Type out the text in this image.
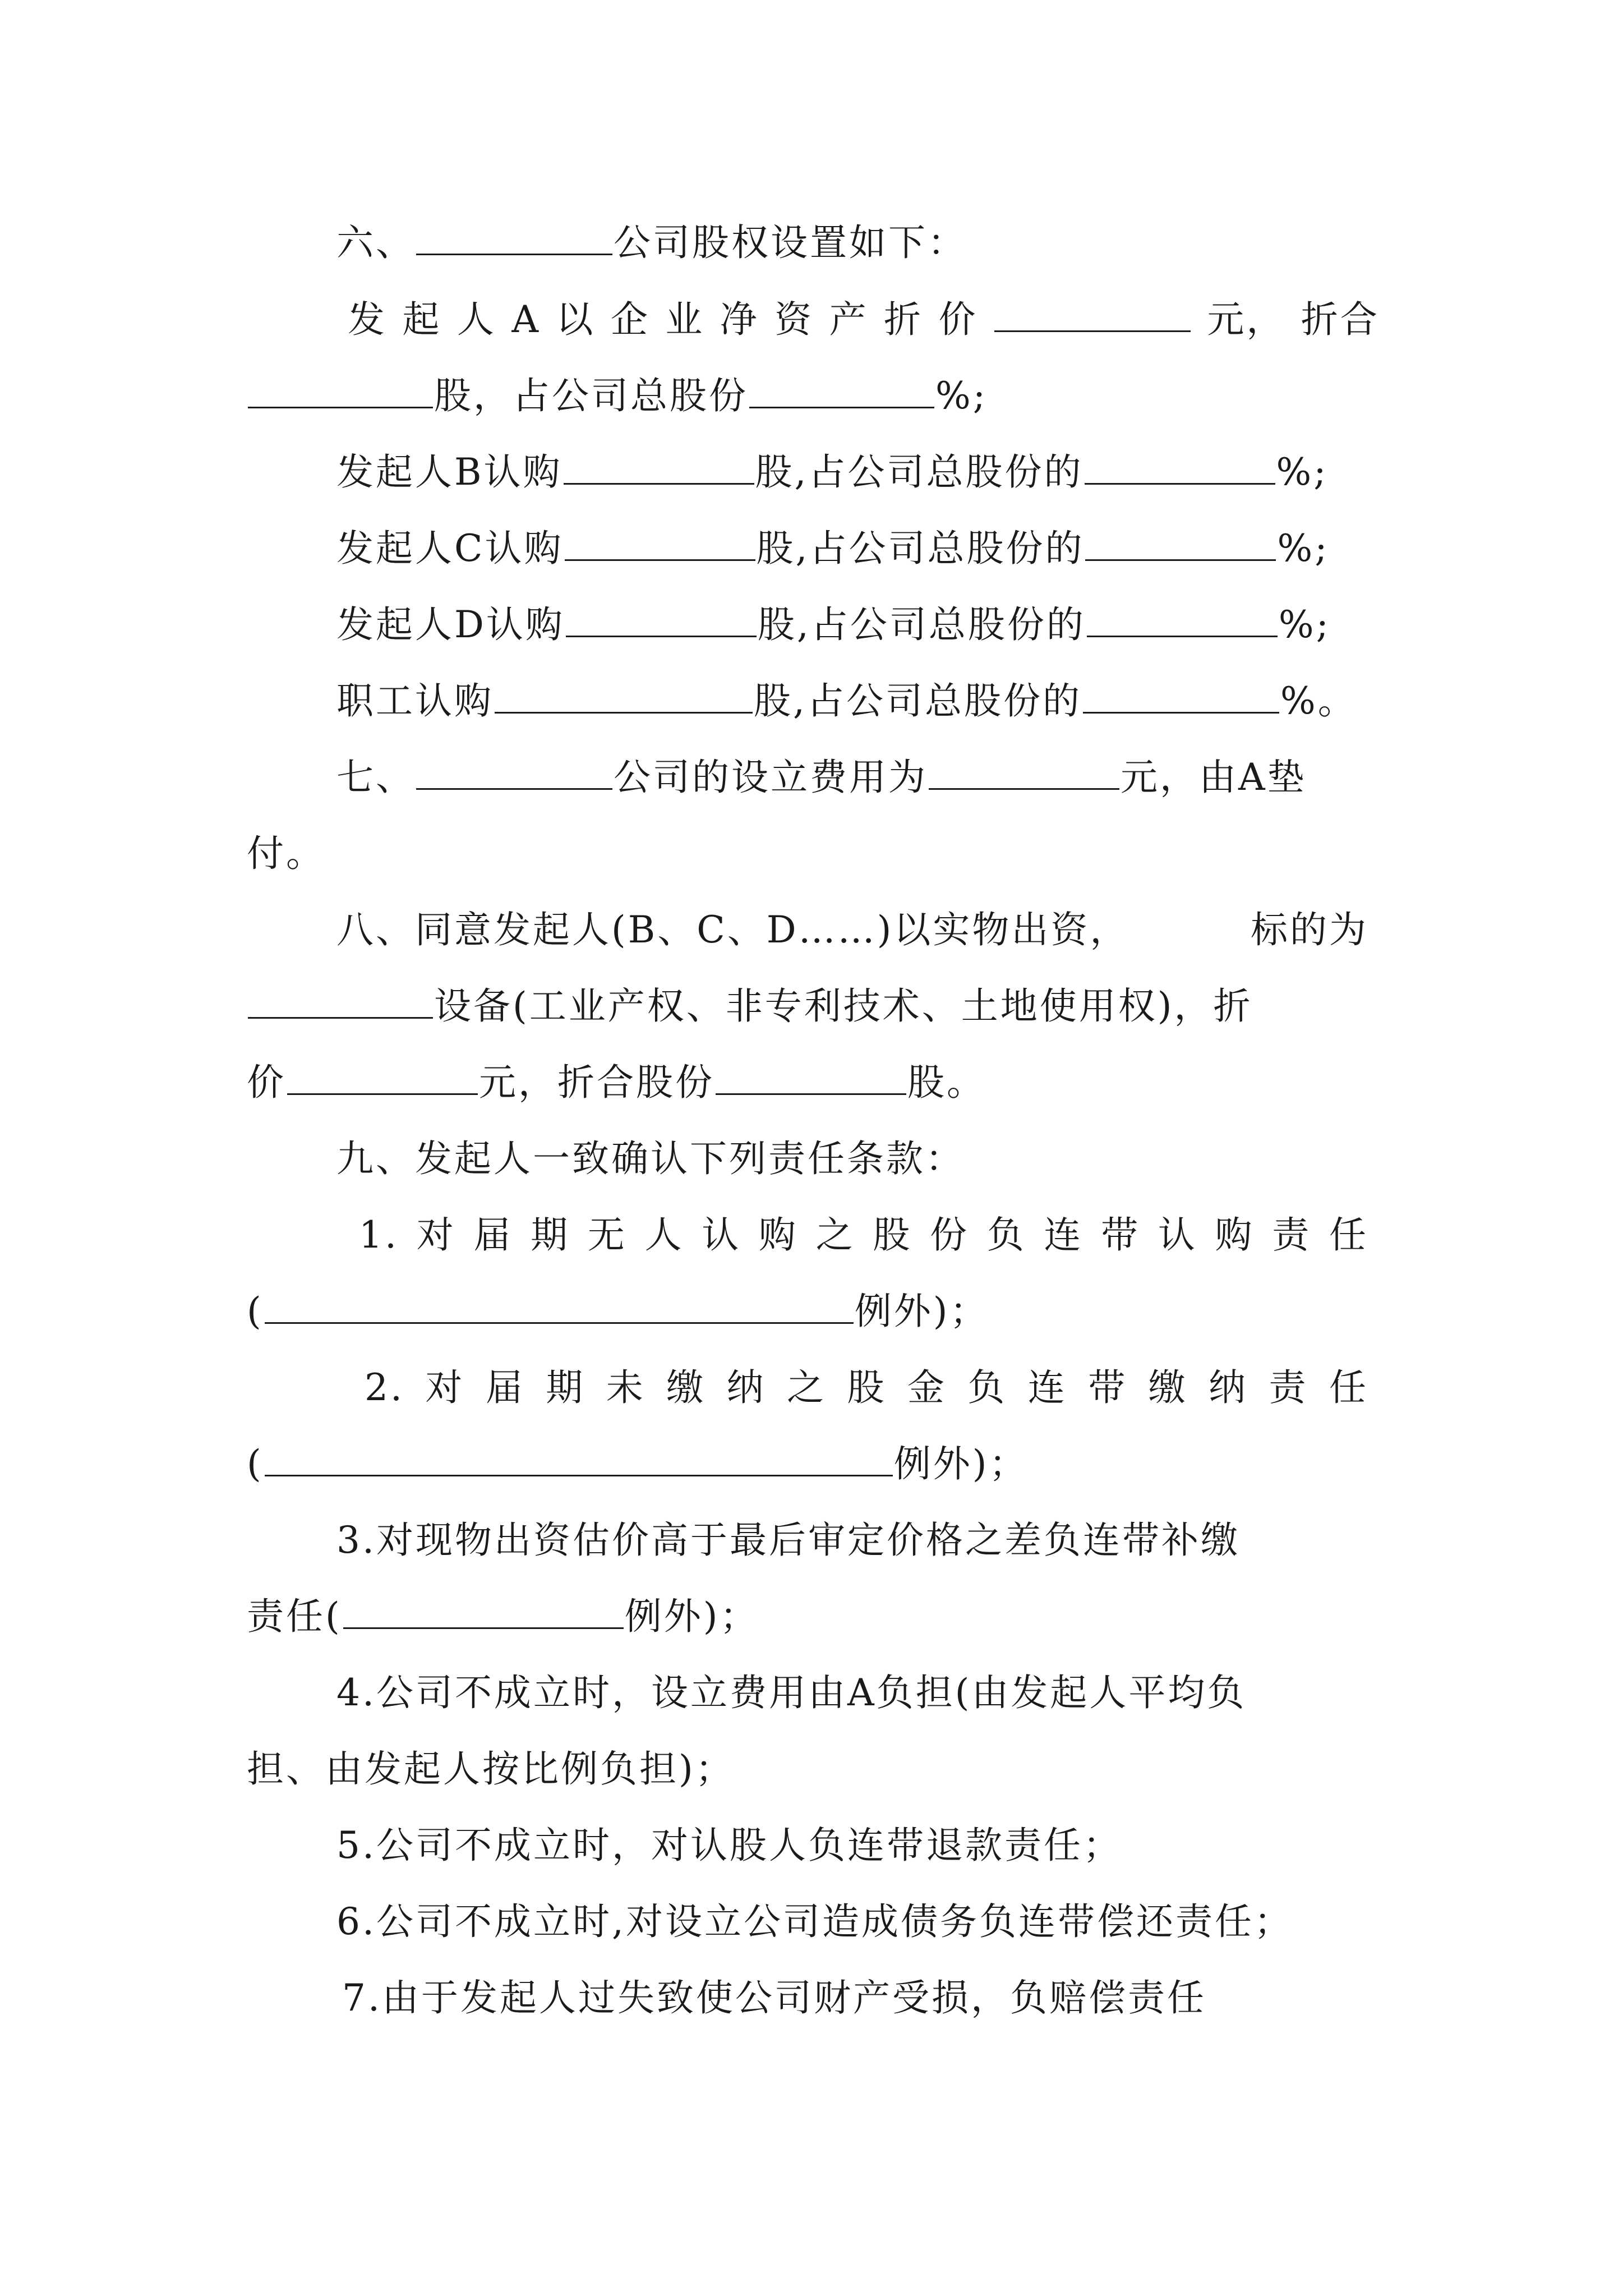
六、	公司股权设置如下：
发 起 人 A 以 企 业 净 资 产 折 价	元， 折合
股，占公司总股份	%;
发起人B认购	股,占公司总股份的	%;
发起人C认购	股,占公司总股份的	%;
发起人D认购	股,占公司总股份的	%;
职工认购	股,占公司总股份的	%。
七、	公司的设立费用为	元，由A垫
付。
八、同意发起人(B、C、D……)以实物出资，	标的为
设备(工业产权、非专利技术、土地使用权)，折
价	元，折合股份	股。
九、发起人一致确认下列责任条款：
1. 对 届 期 无 人 认 购 之 股 份 负 连 带 认 购 责 任
(	例外)；
2. 对 届 期 未 缴 纳 之 股 金 负 连 带 缴 纳 责 任
(	例外)；
3.对现物出资估价高于最后审定价格之差负连带补缴
责任(	例外)；
4.公司不成立时，设立费用由A负担(由发起人平均负
担、由发起人按比例负担)；
5.公司不成立时，对认股人负连带退款责任；
6.公司不成立时,对设立公司造成债务负连带偿还责任；
7.由于发起人过失致使公司财产受损，负赔偿责任
